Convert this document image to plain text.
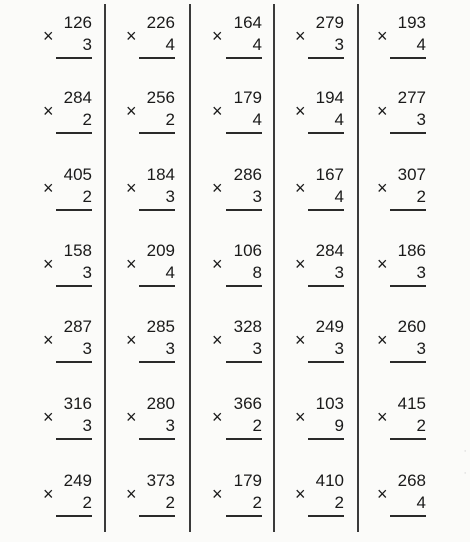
˙
˙
×
126
3
×
284
2
×
405
2
×
158
3
×
287
3
×
316
3
×
249
2
×
226
4
×
256
2
×
184
3
×
209
4
×
285
3
×
280
3
×
373
2
×
164
4
×
179
4
×
286
3
×
106
8
×
328
3
×
366
2
×
179
2
×
279
3
×
194
4
×
167
4
×
284
3
×
249
3
×
103
9
×
410
2
×
193
4
×
277
3
×
307
2
×
186
3
×
260
3
×
415
2
×
268
4
